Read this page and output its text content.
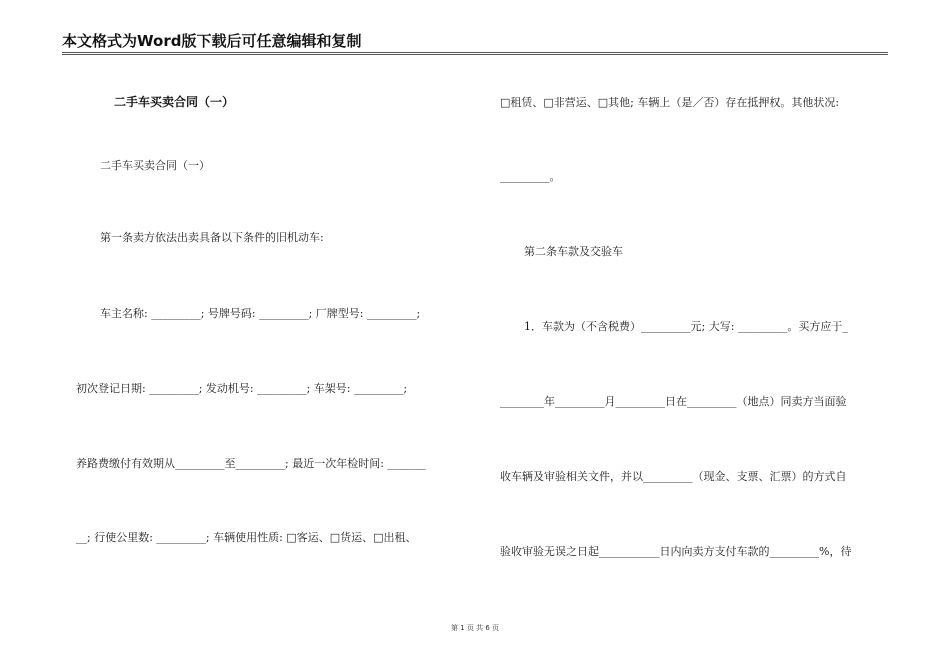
本文格式为Word版下载后可任意编辑和复制
二手车买卖合同（一）
二手车买卖合同（一）
第一条卖方依法出卖具备以下条件的旧机动车:
车主名称: _________; 号牌号码: _________; 厂牌型号: _________;
初次登记日期: _________; 发动机号: _________; 车架号: _________;
养路费缴付有效期从_________至_________; 最近一次年检时间: _______
__; 行使公里数: _________; 车辆使用性质: □客运、□货运、□出租、
□租赁、□非营运、□其他; 车辆上（是／否）存在抵押权。其他状况:
_________。
第二条车款及交验车
1．车款为（不含税费）_________元; 大写: _________。买方应于_
________年_________月_________日在_________（地点）同卖方当面验
收车辆及审验相关文件，并以_________（现金、支票、汇票）的方式自
验收审验无误之日起___________日内向卖方支付车款的_________%，待
第 1 页 共 6 页
